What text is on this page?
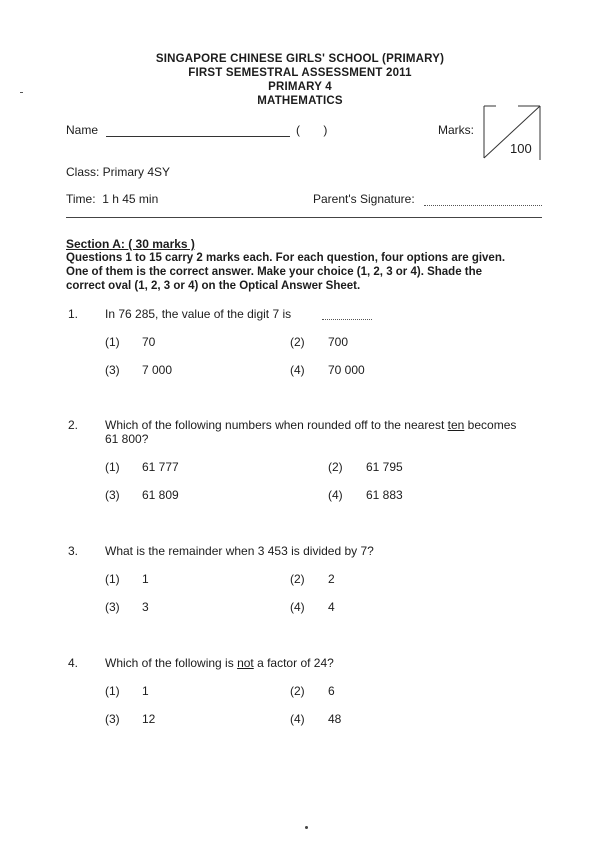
SINGAPORE CHINESE GIRLS' SCHOOL (PRIMARY)
FIRST SEMESTRAL ASSESSMENT 2011
PRIMARY 4
MATHEMATICS
Name	(       )	Marks:
100
Class: Primary 4SY
Time:  1 h 45 min	Parent's Signature:
Section A: ( 30 marks )
Questions 1 to 15 carry 2 marks each. For each question, four options are given.
One of them is the correct answer. Make your choice (1, 2, 3 or 4). Shade the
correct oval (1, 2, 3 or 4) on the Optical Answer Sheet.
1. In 76 285, the value of the digit 7 is
(1) 70	(2) 700
(3) 7 000	(4) 70 000
2. Which of the following numbers when rounded off to the nearest ten becomes
61 800?
(1) 61 777	(2) 61 795
(3) 61 809	(4) 61 883
3. What is the remainder when 3 453 is divided by 7?
(1) 1	(2) 2
(3) 3	(4) 4
4. Which of the following is not a factor of 24?
(1) 1	(2) 6
(3) 12	(4) 48
